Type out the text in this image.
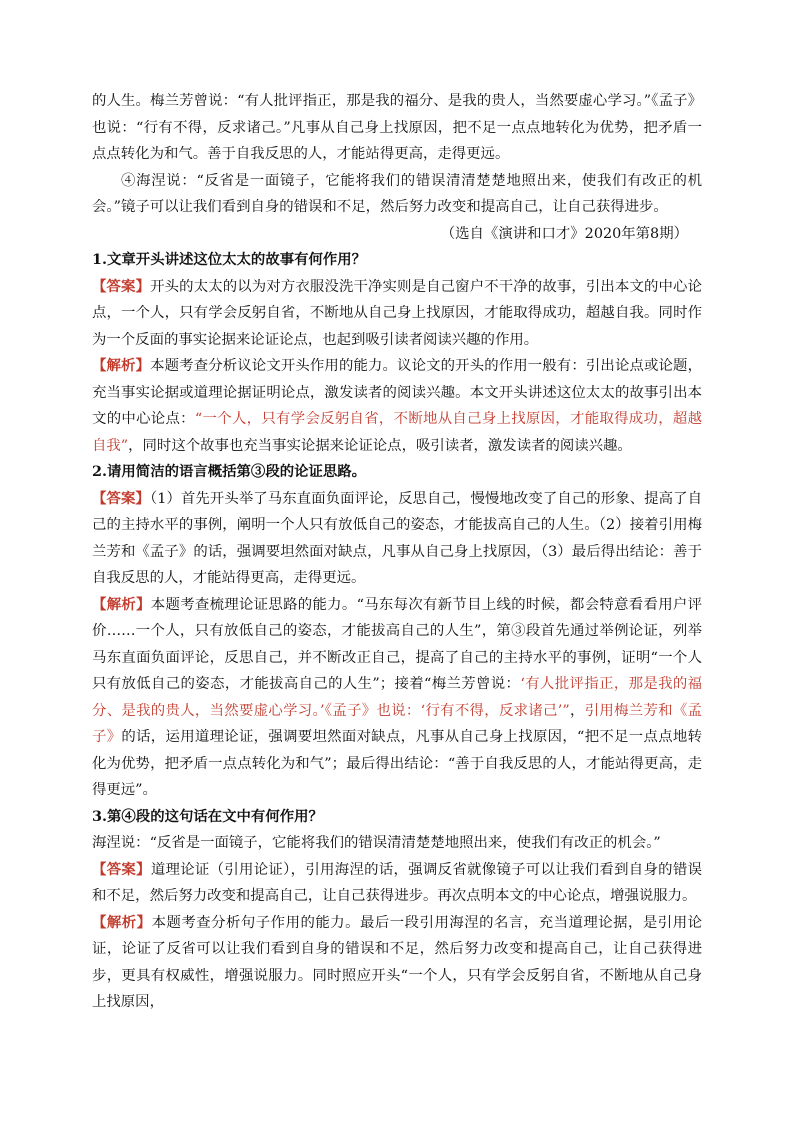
的人生。梅兰芳曾说：“有人批评指正，那是我的福分、是我的贵人，当然要虚心学习。”《孟子》也说：“行有不得，反求诸己。”凡事从自己身上找原因，把不足一点点地转化为优势，把矛盾一点点转化为和气。善于自我反思的人，才能站得更高，走得更远。

④海涅说：“反省是一面镜子，它能将我们的错误清清楚楚地照出来，使我们有改正的机会。”镜子可以让我们看到自身的错误和不足，然后努力改变和提高自己，让自己获得进步。

（选自《演讲和口才》2020年第8期）

1.文章开头讲述这位太太的故事有何作用？

【答案】开头的太太的以为对方衣服没洗干净实则是自己窗户不干净的故事，引出本文的中心论点，一个人，只有学会反躬自省，不断地从自己身上找原因，才能取得成功，超越自我。同时作为一个反面的事实论据来论证论点，也起到吸引读者阅读兴趣的作用。

【解析】本题考查分析议论文开头作用的能力。议论文的开头的作用一般有：引出论点或论题，充当事实论据或道理论据证明论点，激发读者的阅读兴趣。本文开头讲述这位太太的故事引出本文的中心论点：“一个人，只有学会反躬自省，不断地从自己身上找原因，才能取得成功，超越自我”，同时这个故事也充当事实论据来论证论点，吸引读者，激发读者的阅读兴趣。

2.请用简洁的语言概括第③段的论证思路。

【答案】（1）首先开头举了马东直面负面评论，反思自己，慢慢地改变了自己的形象、提高了自己的主持水平的事例，阐明一个人只有放低自己的姿态，才能拔高自己的人生。（2）接着引用梅兰芳和《孟子》的话，强调要坦然面对缺点，凡事从自己身上找原因，（3）最后得出结论：善于自我反思的人，才能站得更高，走得更远。

【解析】本题考查梳理论证思路的能力。“马东每次有新节目上线的时候，都会特意看看用户评价……一个人，只有放低自己的姿态，才能拔高自己的人生”，第③段首先通过举例论证，列举马东直面负面评论，反思自己，并不断改正自己，提高了自己的主持水平的事例，证明“一个人只有放低自己的姿态，才能拔高自己的人生”；接着“梅兰芳曾说：‘有人批评指正，那是我的福分、是我的贵人，当然要虚心学习。’《孟子》也说：‘行有不得，反求诸己’”，引用梅兰芳和《孟子》的话，运用道理论证，强调要坦然面对缺点，凡事从自己身上找原因，“把不足一点点地转化为优势，把矛盾一点点转化为和气”；最后得出结论：“善于自我反思的人，才能站得更高，走得更远”。

3.第④段的这句话在文中有何作用？

海涅说：“反省是一面镜子，它能将我们的错误清清楚楚地照出来，使我们有改正的机会。”

【答案】道理论证（引用论证），引用海涅的话，强调反省就像镜子可以让我们看到自身的错误和不足，然后努力改变和提高自己，让自己获得进步。再次点明本文的中心论点，增强说服力。

【解析】本题考查分析句子作用的能力。最后一段引用海涅的名言，充当道理论据，是引用论证，论证了反省可以让我们看到自身的错误和不足，然后努力改变和提高自己，让自己获得进步，更具有权威性，增强说服力。同时照应开头“一个人，只有学会反躬自省，不断地从自己身上找原因，
